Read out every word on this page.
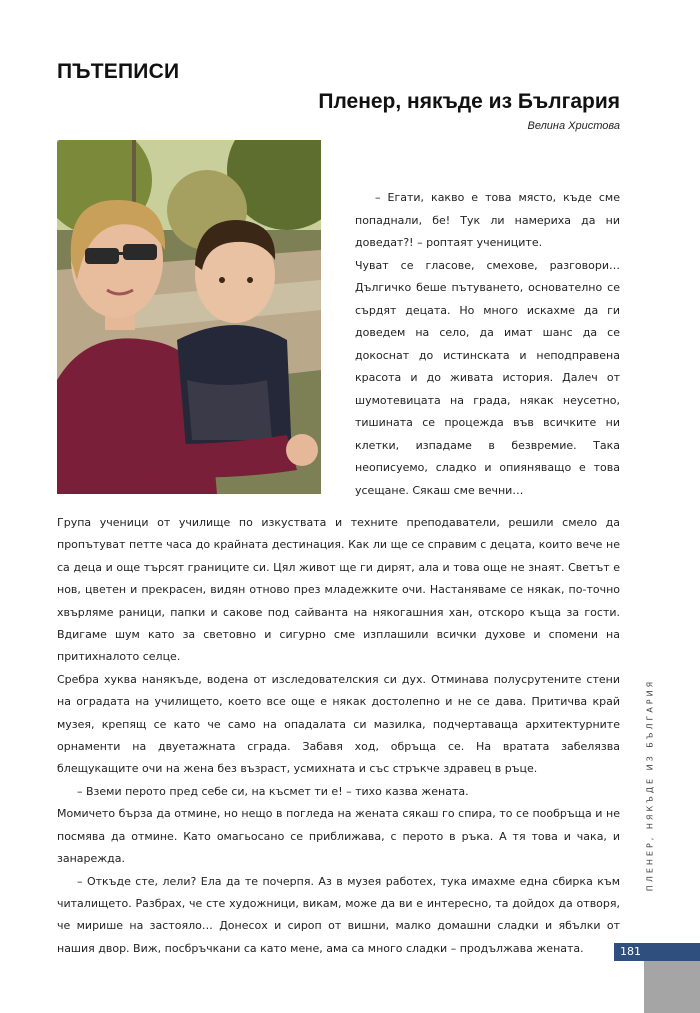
ПЪТЕПИСИ
Пленер, някъде из България
Велина Христова

– Егати, какво е това място, къде сме попаднали, бе! Тук ли намериха да ни доведат?! – роптаят учениците.

Чуват се гласове, смехове, разговори… Дългичко беше пътуването, основателно се сърдят децата. Но много искахме да ги доведем на село, да имат шанс да се докоснат до истинската и неподправена красота и до живата история. Далеч от шумотевицата на града, някак неусетно, тишината се процежда във всичките ни клетки, изпадаме в безвремие. Така неописуемо, сладко и опияняващо е това усещане. Сякаш сме вечни…

Група ученици от училище по изкуствата и техните преподаватели, решили смело да пропътуват петте часа до крайната дестинация. Как ли ще се справим с децата, които вече не са деца и още търсят границите си. Цял живот ще ги дирят, ала и това още не знаят. Светът е нов, цветен и прекрасен, видян отново през младежките очи. Настаняваме се някак, по-точно хвърляме раници, папки и сакове под сайванта на някогашния хан, отскоро къща за гости. Вдигаме шум като за световно и сигурно сме изплашили всички духове и спомени на притихналото селце.

Сребра хуква нанякъде, водена от изследователския си дух. Отминава полусрутените стени на оградата на училището, което все още е някак достолепно и не се дава. Притичва край музея, крепящ се като че само на опадалата си мазилка, подчертаваща архитектурните орнаменти на двуетажната сграда. Забавя ход, обръща се. На вратата забелязва блещукащите очи на жена без възраст, усмихната и със стръкче здравец в ръце.

– Вземи перото пред себе си, на късмет ти е! – тихо казва жената.

Момичето бърза да отмине, но нещо в погледа на жената сякаш го спира, то се пообръща и не посмява да отмине. Като омагьосано се приближава, с перото в ръка. А тя това и чака, и занарежда.

– Откъде сте, лели? Ела да те почерпя. Аз в музея работех, тука имахме една сбирка към читалището. Разбрах, че сте художници, викам, може да ви е интересно, та дойдох да отворя, че мирише на застояло… Донесох и сироп от вишни, малко домашни сладки и ябълки от нашия двор. Виж, посбръчкани са като мене, ама са много сладки – продължава жената.

ПЛЕНЕР, НЯКЪДЕ ИЗ БЪЛГАРИЯ
181
